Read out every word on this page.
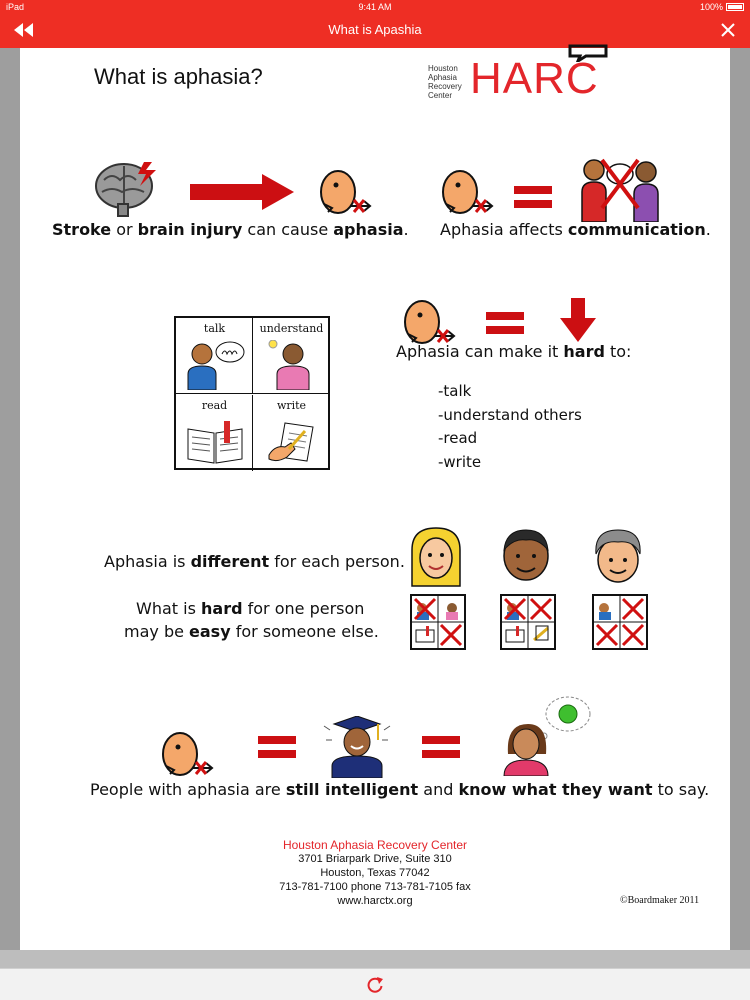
iPad	9:41 AM	100%
What is Apashia
What is aphasia?	Houston
Aphasia
Recovery
Center HARC
Stroke or brain injury can cause aphasia. Aphasia affects communication.
talk	understand
read	write
Aphasia can make it hard to:
-talk
-understand others
-read
-write
Aphasia is different for each person.
What is hard for one person
may be easy for someone else.
People with aphasia are still intelligent and know what they want to say.
Houston Aphasia Recovery Center
3701 Briarpark Drive, Suite 310
Houston, Texas 77042
713-781-7100 phone 713-781-7105 fax
www.harctx.org	©Boardmaker 2011
